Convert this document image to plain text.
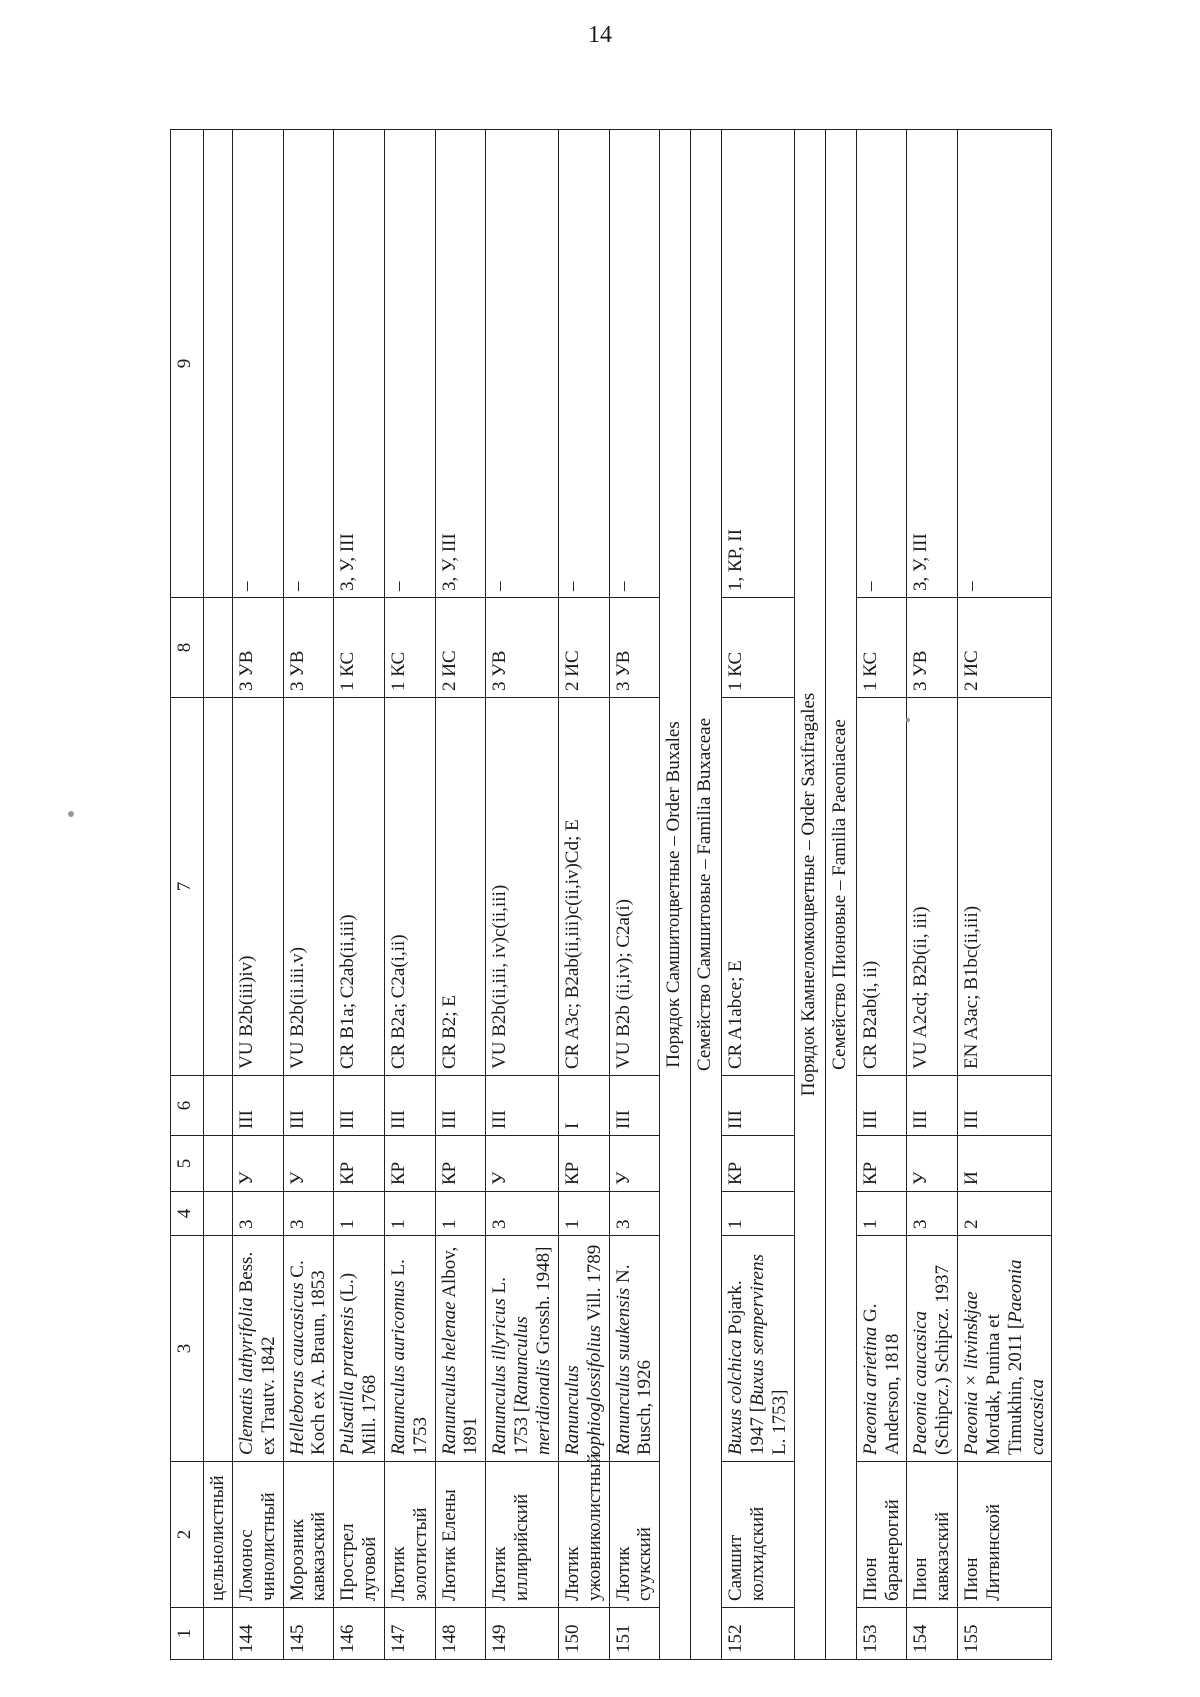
14
1	2	3	4	5	6	7	8	9
	цельнолистный							
144	Ломонос чинолистный	Clematis lathyrifolia Bess. ex Trautv. 1842	3	У	III	VU B2b(iii)iv)	3 УВ	–
145	Морозник кавказский	Helleborus caucasicus C. Koch ex A. Braun, 1853	3	У	III	VU B2b(ii.iii.v)	3 УВ	–
146	Прострел луговой	Pulsatilla pratensis (L.) Mill. 1768	1	КР	III	CR B1a; C2ab(ii,iii)	1 КС	3, У, III
147	Лютик золотистый	Ranunculus auricomus L. 1753	1	КР	III	CR B2a; C2a(i,ii)	1 КС	–
148	Лютик Елены	Ranunculus helenae Albov, 1891	1	КР	III	CR B2; E	2 ИС	3, У, III
149	Лютик иллирийский	Ranunculus illyricus L. 1753 [Ranunculus meridionalis Grossh. 1948]	3	У	III	VU B2b(ii,iii, iv)c(ii,iii)	3 УВ	–
150	Лютик ужовниколистный	Ranunculus ophioglossifolius Vill. 1789	1	КР	I	CR A3c; B2ab(ii,iii)c(ii,iv)Cd; E	2 ИС	–
151	Лютик суукский	Ranunculus suukensis N. Busch, 1926	3	У	III	VU B2b (ii,iv); C2a(i)	3 УВ	–
Порядок Самшитоцветные – Order Buxales								
Семейство Самшитовые – Familia Buxaceae								
152	Самшит колхидский	Buxus colchica Pojark. 1947 [Buxus sempervirens L. 1753]	1	КР	III	CR A1abce; E	1 КС	1, КР, II
Порядок Камнеломкоцветные – Order Saxifragales								
Семейство Пионовые – Familia Paeoniaceae								
153	Пион баранерогий	Paeonia arietina G. Anderson, 1818	1	КР	III	CR B2ab(i, ii)	1 КС	–
154	Пион кавказский	Paeonia caucasica (Schipcz.) Schipcz. 1937	3	У	III	VU A2cd; B2b(ii, iii)	3 УВ	3, У, III
155	Пион Литвинской	Paeonia × litvinskjae Mordak, Punina et Timukhin, 2011 [Paeonia caucasica	2	И	III	EN A3ac; B1bc(ii,iii)	2 ИС	–
